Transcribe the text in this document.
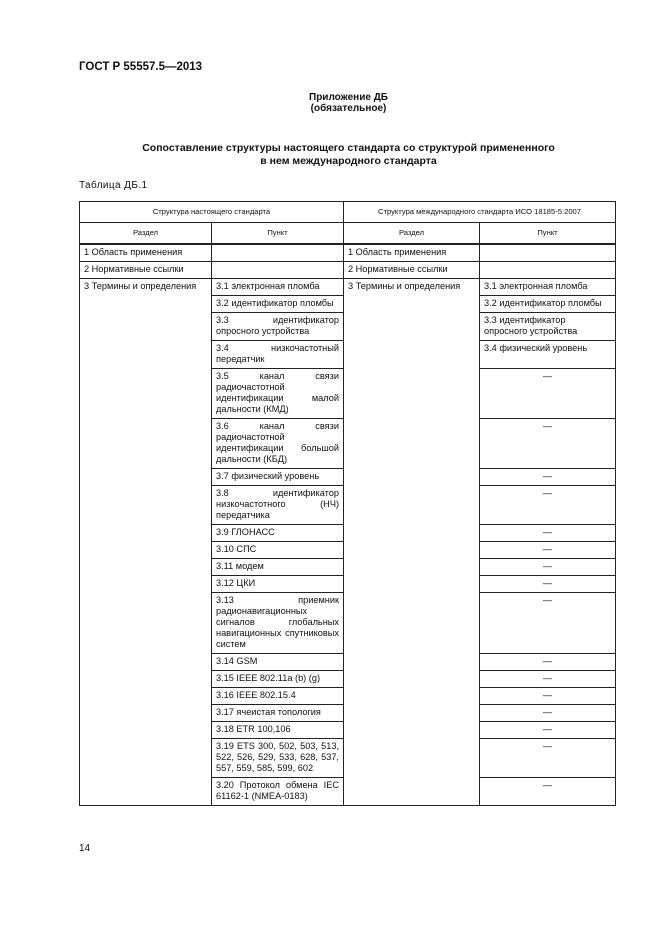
ГОСТ Р 55557.5—2013
Приложение ДБ
(обязательное)
Сопоставление структуры настоящего стандарта со структурой примененного
в нем международного стандарта
Таблица ДБ.1
Структура настоящего стандарта		Структура международного стандарта ИСО 18185-5:2007	
Раздел	Пункт	Раздел	Пункт
1 Область применения		1 Область применения	
2 Нормативные ссылки		2 Нормативные ссылки	
3 Термины и определения	3.1 электронная пломба	3 Термины и определения	3.1 электронная пломба
	3.2 идентификатор пломбы		3.2 идентификатор пломбы
	3.3 идентификатор опросного устройства		3.3 идентификатор опросного устройства
	3.4 низкочастотный передатчик		3.4 физический уровень
	3.5 канал связи радиочастотной идентификации малой дальности (КМД)		—
	3.6 канал связи радиочастотной идентификации большой дальности (КБД)		—
	3.7 физический уровень		—
	3.8 идентификатор низкочастотного (НЧ) передатчика		—
	3.9 ГЛОНАСС		—
	3.10 СПС		—
	3.11 модем		—
	3.12 ЦКИ		—
	3.13 приемник радионавигационных сигналов глобальных навигационных спутниковых систем		—
	3.14 GSM		—
	3.15 IEEE 802.11a (b) (g)		—
	3.16 IEEE 802.15.4		—
	3.17 ячеистая топология		—
	3.18 ETR 100,106		—
	3.19 ETS 300, 502, 503, 513, 522, 526, 529, 533, 628, 537, 557, 559, 585, 599, 602		—
	3.20 Протокол обмена IEC 61162-1 (NMEA-0183)		—
14
